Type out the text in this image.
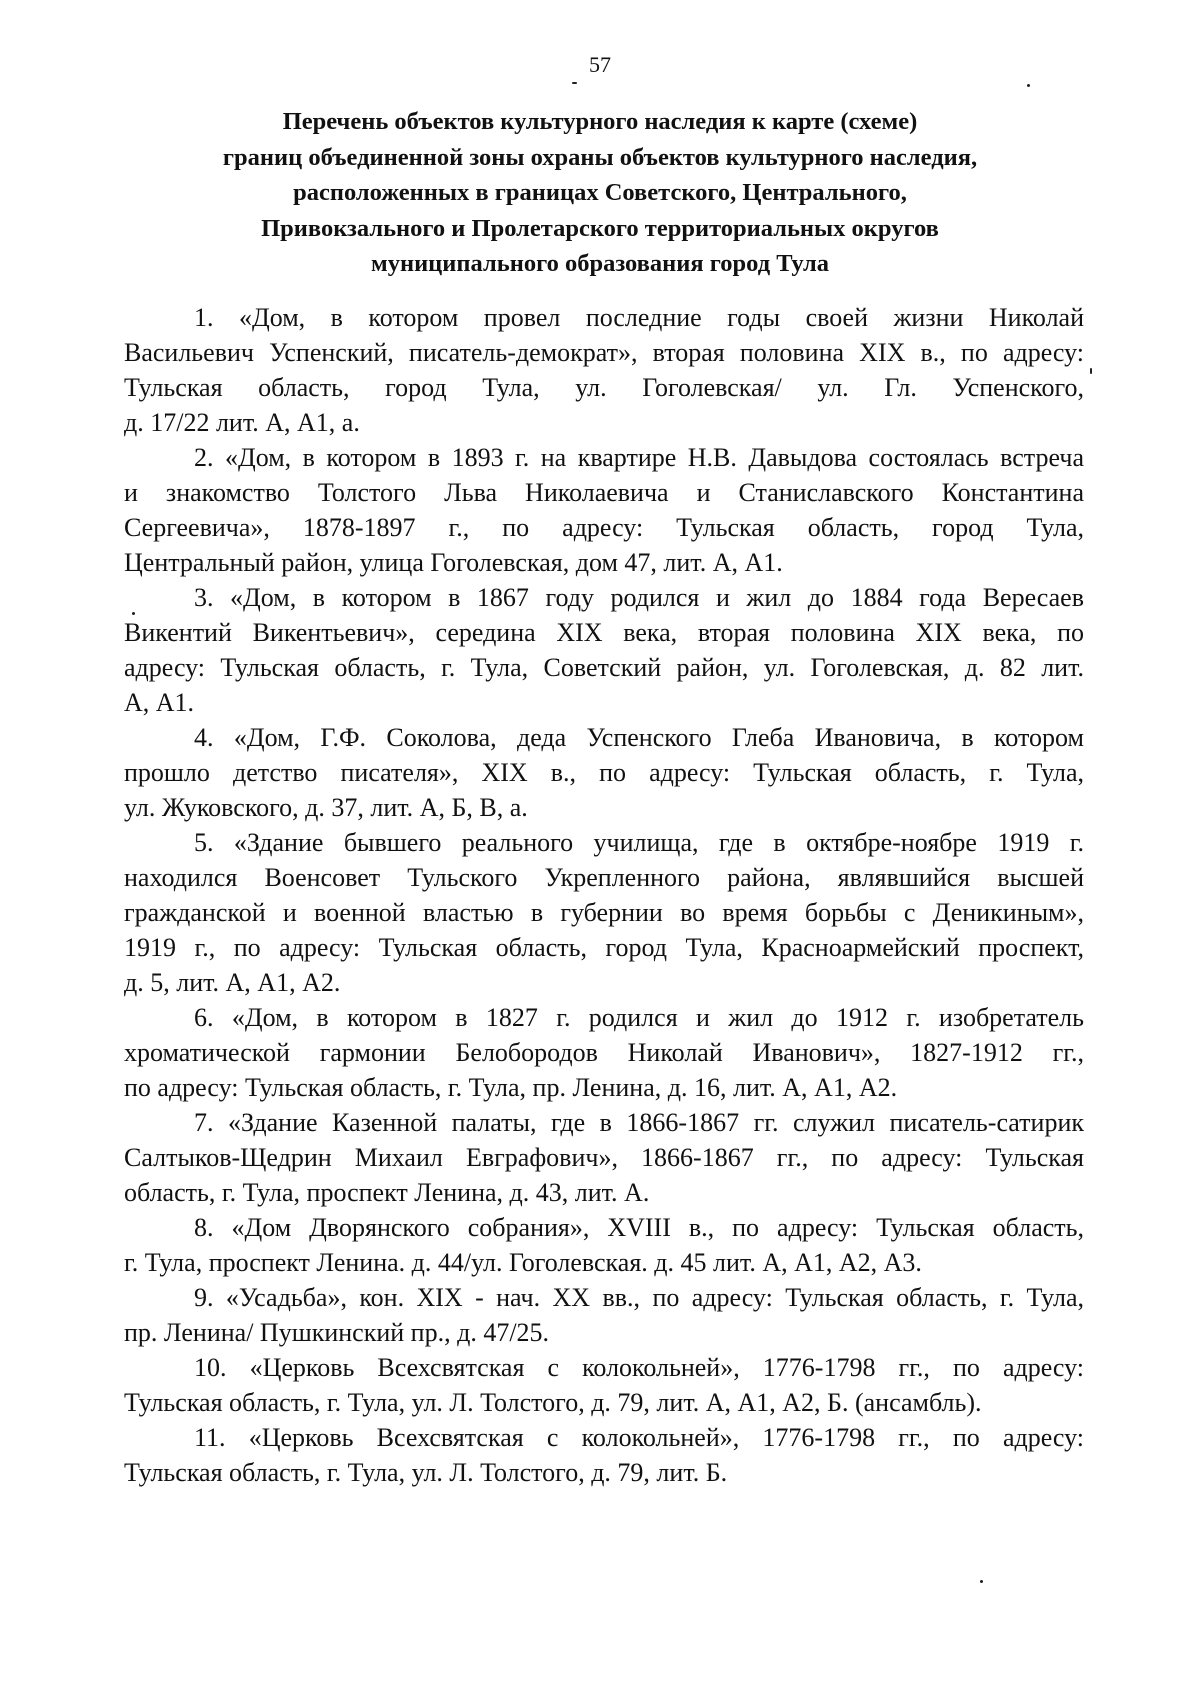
57
Перечень объектов культурного наследия к карте (схеме)
границ объединенной зоны охраны объектов культурного наследия,
расположенных в границах Советского, Центрального,
Привокзального и Пролетарского территориальных округов
муниципального образования город Тула
1. «Дом, в котором провел последние годы своей жизни Николай
Васильевич Успенский, писатель-демократ», вторая половина XIX в., по адресу:
Тульская область, город Тула, ул. Гоголевская/ ул. Гл. Успенского,
д. 17/22 лит. А, А1, а.
2. «Дом, в котором в 1893 г. на квартире Н.В. Давыдова состоялась встреча
и знакомство Толстого Льва Николаевича и Станиславского Константина
Сергеевича», 1878-1897 г., по адресу: Тульская область, город Тула,
Центральный район, улица Гоголевская, дом 47, лит. А, А1.
3. «Дом, в котором в 1867 году родился и жил до 1884 года Вересаев
Викентий Викентьевич», середина XIX века, вторая половина XIX века, по
адресу: Тульская область, г. Тула, Советский район, ул. Гоголевская, д. 82 лит.
А, А1.
4. «Дом, Г.Ф. Соколова, деда Успенского Глеба Ивановича, в котором
прошло детство писателя», XIX в., по адресу: Тульская область, г. Тула,
ул. Жуковского, д. 37, лит. А, Б, В, а.
5. «Здание бывшего реального училища, где в октябре-ноябре 1919 г.
находился Военсовет Тульского Укрепленного района, являвшийся высшей
гражданской и военной властью в губернии во время борьбы с Деникиным»,
1919 г., по адресу: Тульская область, город Тула, Красноармейский проспект,
д. 5, лит. А, А1, А2.
6. «Дом, в котором в 1827 г. родился и жил до 1912 г. изобретатель
хроматической гармонии Белобородов Николай Иванович», 1827-1912 гг.,
по адресу: Тульская область, г. Тула, пр. Ленина, д. 16, лит. А, А1, А2.
7. «Здание Казенной палаты, где в 1866-1867 гг. служил писатель-сатирик
Салтыков-Щедрин Михаил Евграфович», 1866-1867 гг., по адресу: Тульская
область, г. Тула, проспект Ленина, д. 43, лит. А.
8. «Дом Дворянского собрания», XVIII в., по адресу: Тульская область,
г. Тула, проспект Ленина. д. 44/ул. Гоголевская. д. 45 лит. А, А1, А2, А3.
9. «Усадьба», кон. XIX - нач. XX вв., по адресу: Тульская область, г. Тула,
пр. Ленина/ Пушкинский пр., д. 47/25.
10. «Церковь Всехсвятская с колокольней», 1776-1798 гг., по адресу:
Тульская область, г. Тула, ул. Л. Толстого, д. 79, лит. А, А1, А2, Б. (ансамбль).
11. «Церковь Всехсвятская с колокольней», 1776-1798 гг., по адресу:
Тульская область, г. Тула, ул. Л. Толстого, д. 79, лит. Б.
